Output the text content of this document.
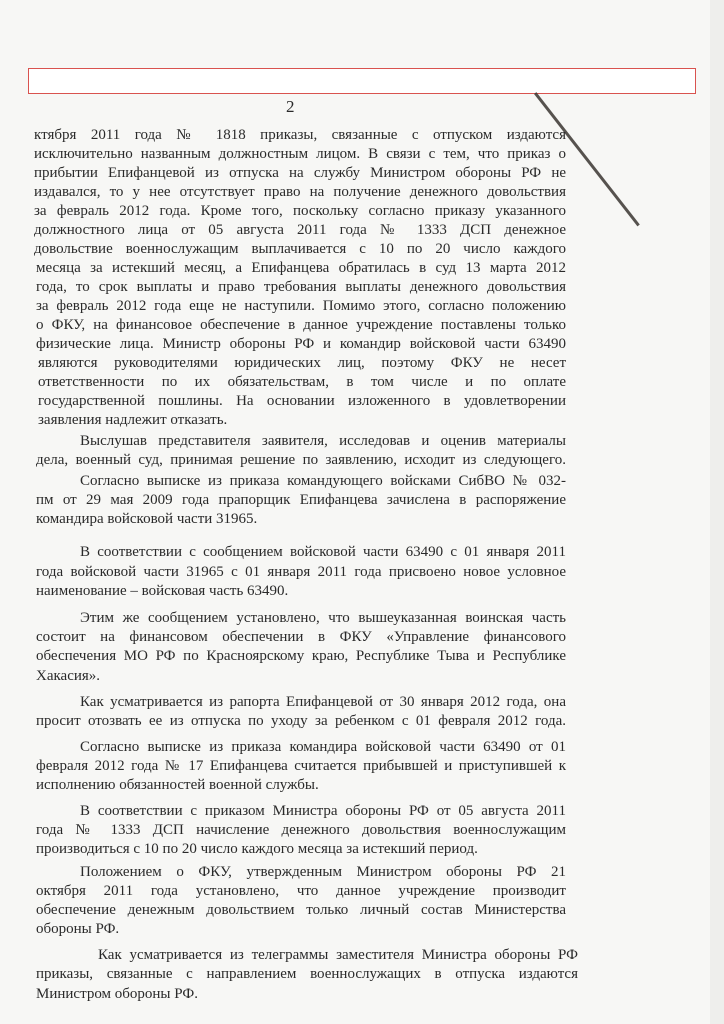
2
ктября 2011 года № 1818 приказы, связанные с отпуском издаются
исключительно названным должностным лицом. В связи с тем, что приказ о
прибытии Епифанцевой из отпуска на службу Министром обороны РФ не
издавался, то у нее отсутствует право на получение денежного довольствия
за февраль 2012 года. Кроме того, поскольку согласно приказу указанного
должностного лица от 05 августа 2011 года № 1333 ДСП денежное
довольствие военнослужащим выплачивается с 10 по 20 число каждого
месяца за истекший месяц, а Епифанцева обратилась в суд 13 марта 2012
года, то срок выплаты и право требования выплаты денежного довольствия
за февраль 2012 года еще не наступили. Помимо этого, согласно положению
о ФКУ, на финансовое обеспечение в данное учреждение поставлены только
физические лица. Министр обороны РФ и командир войсковой части 63490
являются руководителями юридических лиц, поэтому ФКУ не несет
ответственности по их обязательствам, в том числе и по оплате
государственной пошлины. На основании изложенного в удовлетворении
заявления надлежит отказать.
Выслушав представителя заявителя, исследовав и оценив материалы
дела, военный суд, принимая решение по заявлению, исходит из следующего.
Согласно выписке из приказа командующего войсками СибВО № 032-
пм от 29 мая 2009 года прапорщик Епифанцева зачислена в распоряжение
командира войсковой части 31965.
В соответствии с сообщением войсковой части 63490 с 01 января 2011
года войсковой части 31965 с 01 января 2011 года присвоено новое условное
наименование – войсковая часть 63490.
Этим же сообщением установлено, что вышеуказанная воинская часть
состоит на финансовом обеспечении в ФКУ «Управление финансового
обеспечения МО РФ по Красноярскому краю, Республике Тыва и Республике
Хакасия».
Как усматривается из рапорта Епифанцевой от 30 января 2012 года, она
просит отозвать ее из отпуска по уходу за ребенком с 01 февраля 2012 года.
Согласно выписке из приказа командира войсковой части 63490 от 01
февраля 2012 года № 17 Епифанцева считается прибывшей и приступившей к
исполнению обязанностей военной службы.
В соответствии с приказом Министра обороны РФ от 05 августа 2011
года № 1333 ДСП начисление денежного довольствия военнослужащим
производиться с 10 по 20 число каждого месяца за истекший период.
Положением о ФКУ, утвержденным Министром обороны РФ 21
октября 2011 года установлено, что данное учреждение производит
обеспечение денежным довольствием только личный состав Министерства
обороны РФ.
Как усматривается из телеграммы заместителя Министра обороны РФ
приказы, связанные с направлением военнослужащих в отпуска издаются
Министром обороны РФ.
